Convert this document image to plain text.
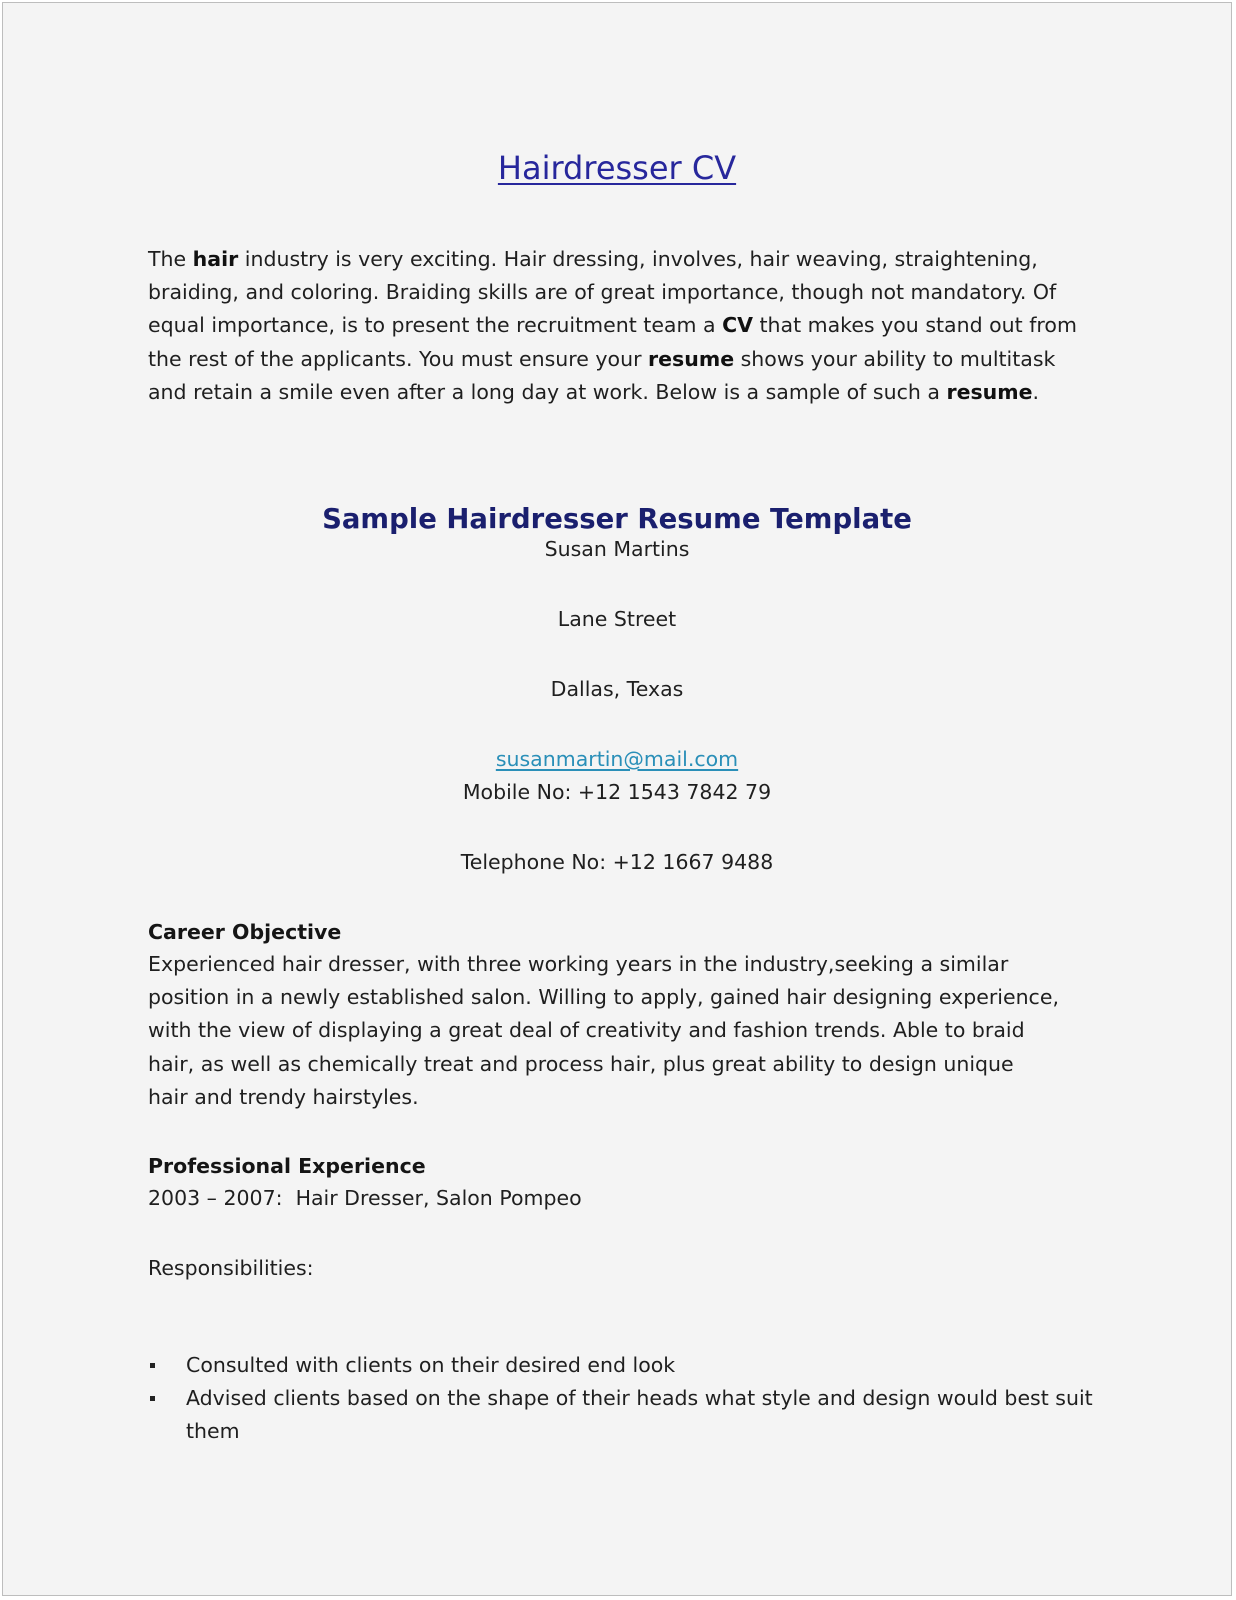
Hairdresser CV

The hair industry is very exciting. Hair dressing, involves, hair weaving, straightening, braiding, and coloring. Braiding skills are of great importance, though not mandatory. Of equal importance, is to present the recruitment team a CV that makes you stand out from the rest of the applicants. You must ensure your resume shows your ability to multitask and retain a smile even after a long day at work. Below is a sample of such a resume.

Sample Hairdresser Resume Template

Susan Martins

Lane Street

Dallas, Texas

susanmartin@mail.com

Mobile No: +12 1543 7842 79

Telephone No: +12 1667 9488

Career Objective
Experienced hair dresser, with three working years in the industry,seeking a similar
position in a newly established salon. Willing to apply, gained hair designing experience,
with the view of displaying a great deal of creativity and fashion trends. Able to braid
hair, as well as chemically treat and process hair, plus great ability to design unique
hair and trendy hairstyles.
Professional Experience

2003 – 2007:  Hair Dresser, Salon Pompeo

Responsibilities:

Consulted with clients on their desired end look
Advised clients based on the shape of their heads what style and design would best suit them
